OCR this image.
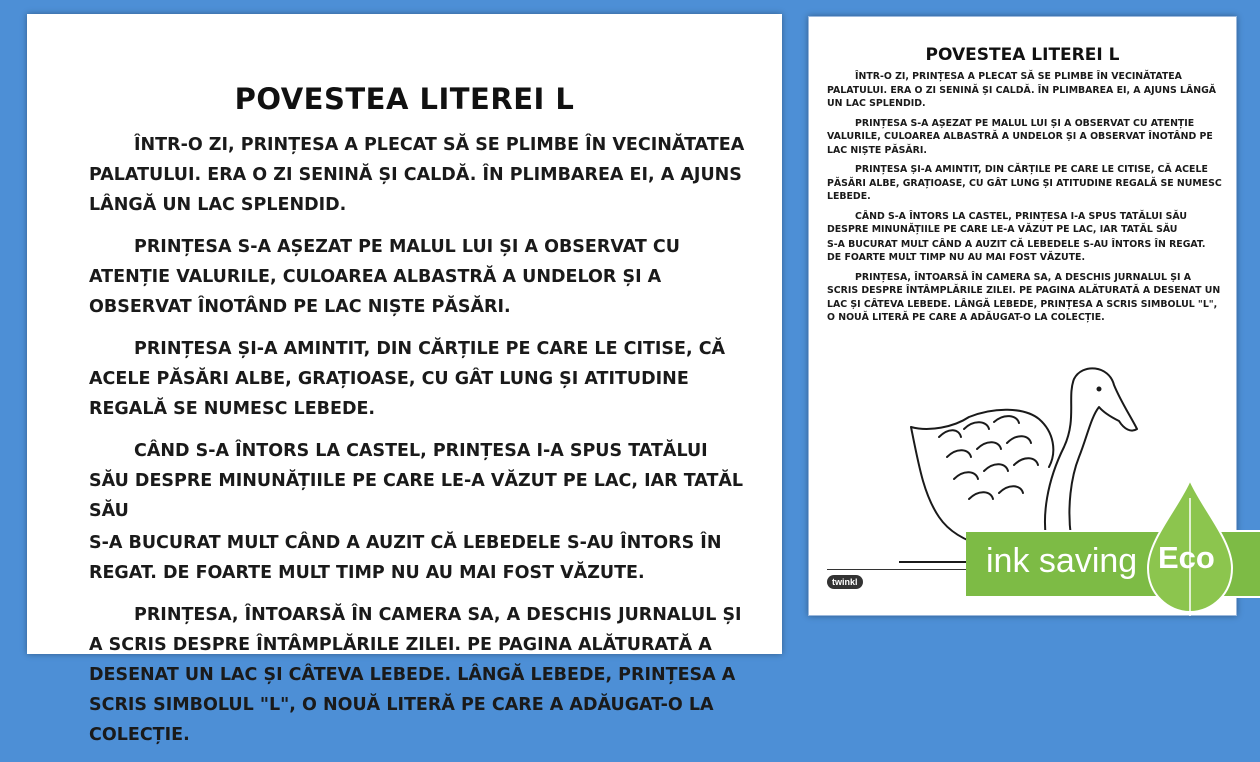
POVESTEA LITEREI L

ÎNTR-O ZI, PRINȚESA A PLECAT SĂ SE PLIMBE ÎN VECINĂTATEA PALATULUI. ERA O ZI SENINĂ ȘI CALDĂ. ÎN PLIMBAREA EI, A AJUNS LÂNGĂ UN LAC SPLENDID.

PRINȚESA S-A AȘEZAT PE MALUL LUI ȘI A OBSERVAT CU ATENȚIE VALURILE, CULOAREA ALBASTRĂ A UNDELOR ȘI A OBSERVAT ÎNOTÂND PE LAC NIȘTE PĂSĂRI.

PRINȚESA ȘI-A AMINTIT, DIN CĂRȚILE PE CARE LE CITISE, CĂ ACELE PĂSĂRI ALBE, GRAȚIOASE, CU GÂT LUNG ȘI ATITUDINE REGALĂ SE NUMESC LEBEDE.

CÂND S-A ÎNTORS LA CASTEL, PRINȚESA I-A SPUS TATĂLUI SĂU DESPRE MINUNĂȚIILE PE CARE LE-A VĂZUT PE LAC, IAR TATĂL SĂU

S-A BUCURAT MULT CÂND A AUZIT CĂ LEBEDELE S-AU ÎNTORS ÎN REGAT. DE FOARTE MULT TIMP NU AU MAI FOST VĂZUTE.

PRINȚESA, ÎNTOARSĂ ÎN CAMERA SA, A DESCHIS JURNALUL ȘI A SCRIS DESPRE ÎNTÂMPLĂRILE ZILEI. PE PAGINA ALĂTURATĂ A DESENAT UN LAC ȘI CÂTEVA LEBEDE. LÂNGĂ LEBEDE, PRINȚESA A SCRIS SIMBOLUL "L", O NOUĂ LITERĂ PE CARE A ADĂUGAT-O LA COLECȚIE.

POVESTEA LITEREI L

ÎNTR-O ZI, PRINȚESA A PLECAT SĂ SE PLIMBE ÎN VECINĂTATEA PALATULUI. ERA O ZI SENINĂ ȘI CALDĂ. ÎN PLIMBAREA EI, A AJUNS LÂNGĂ UN LAC SPLENDID.

PRINȚESA S-A AȘEZAT PE MALUL LUI ȘI A OBSERVAT CU ATENȚIE VALURILE, CULOAREA ALBASTRĂ A UNDELOR ȘI A OBSERVAT ÎNOTÂND PE LAC NIȘTE PĂSĂRI.

PRINȚESA ȘI-A AMINTIT, DIN CĂRȚILE PE CARE LE CITISE, CĂ ACELE PĂSĂRI ALBE, GRAȚIOASE, CU GÂT LUNG ȘI ATITUDINE REGALĂ SE NUMESC LEBEDE.

CÂND S-A ÎNTORS LA CASTEL, PRINȚESA I-A SPUS TATĂLUI SĂU DESPRE MINUNĂȚIILE PE CARE LE-A VĂZUT PE LAC, IAR TATĂL SĂU

S-A BUCURAT MULT CÂND A AUZIT CĂ LEBEDELE S-AU ÎNTORS ÎN REGAT. DE FOARTE MULT TIMP NU AU MAI FOST VĂZUTE.

PRINȚESA, ÎNTOARSĂ ÎN CAMERA SA, A DESCHIS JURNALUL ȘI A SCRIS DESPRE ÎNTÂMPLĂRILE ZILEI. PE PAGINA ALĂTURATĂ A DESENAT UN LAC ȘI CÂTEVA LEBEDE. LÂNGĂ LEBEDE, PRINȚESA A SCRIS SIMBOLUL "L", O NOUĂ LITERĂ PE CARE A ADĂUGAT-O LA COLECȚIE.

twinkl
ink saving Eco
